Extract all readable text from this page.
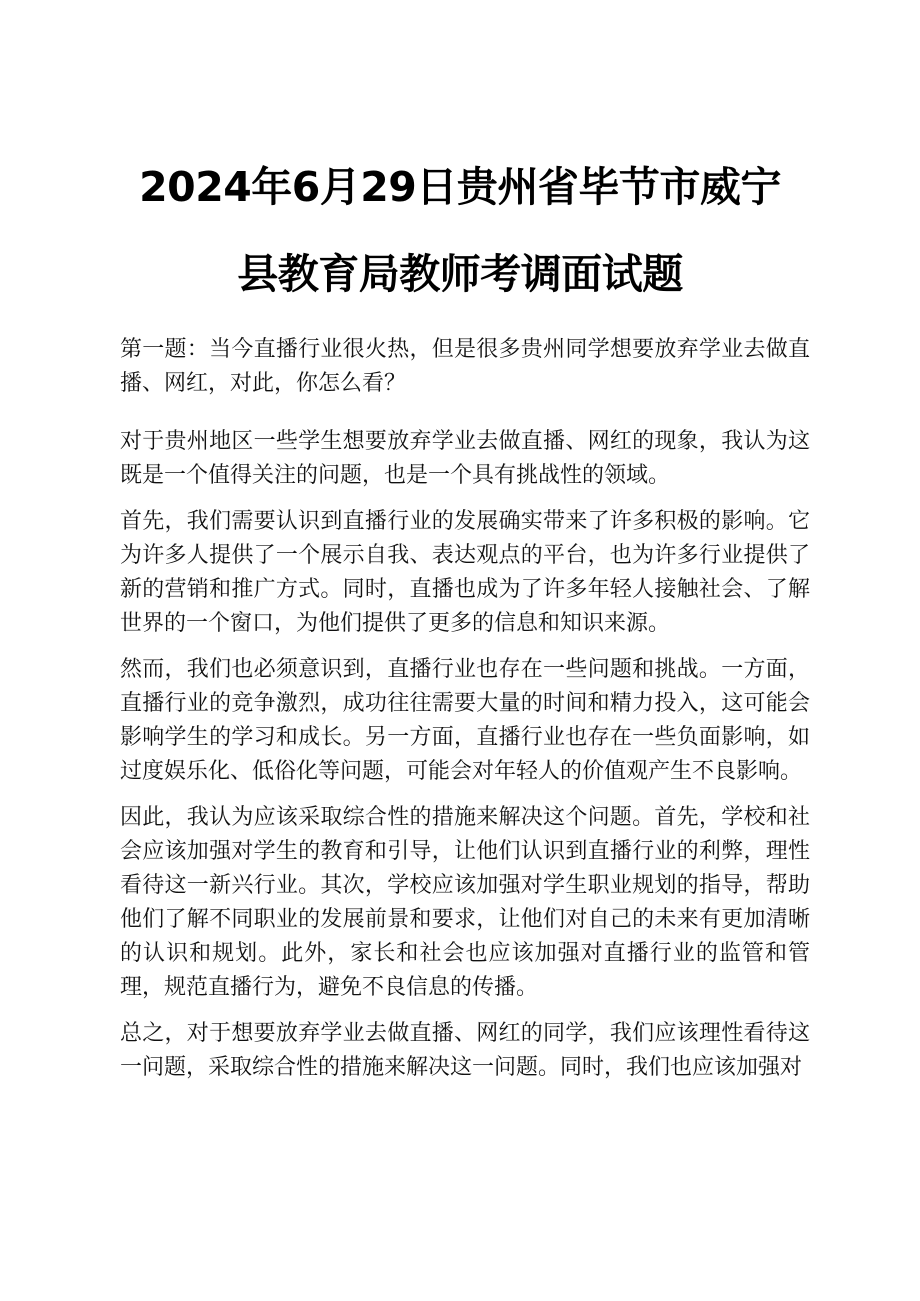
2024年6月29日贵州省毕节市威宁
县教育局教师考调面试题

第一题：当今直播行业很火热，但是很多贵州同学想要放弃学业去做直播、网红，对此，你怎么看？

对于贵州地区一些学生想要放弃学业去做直播、网红的现象，我认为这既是一个值得关注的问题，也是一个具有挑战性的领域。

首先，我们需要认识到直播行业的发展确实带来了许多积极的影响。它为许多人提供了一个展示自我、表达观点的平台，也为许多行业提供了新的营销和推广方式。同时，直播也成为了许多年轻人接触社会、了解世界的一个窗口，为他们提供了更多的信息和知识来源。

然而，我们也必须意识到，直播行业也存在一些问题和挑战。一方面，直播行业的竞争激烈，成功往往需要大量的时间和精力投入，这可能会影响学生的学习和成长。另一方面，直播行业也存在一些负面影响，如过度娱乐化、低俗化等问题，可能会对年轻人的价值观产生不良影响。

因此，我认为应该采取综合性的措施来解决这个问题。首先，学校和社会应该加强对学生的教育和引导，让他们认识到直播行业的利弊，理性看待这一新兴行业。其次，学校应该加强对学生职业规划的指导，帮助他们了解不同职业的发展前景和要求，让他们对自己的未来有更加清晰的认识和规划。此外，家长和社会也应该加强对直播行业的监管和管理，规范直播行为，避免不良信息的传播。

总之，对于想要放弃学业去做直播、网红的同学，我们应该理性看待这一问题，采取综合性的措施来解决这一问题。同时，我们也应该加强对
